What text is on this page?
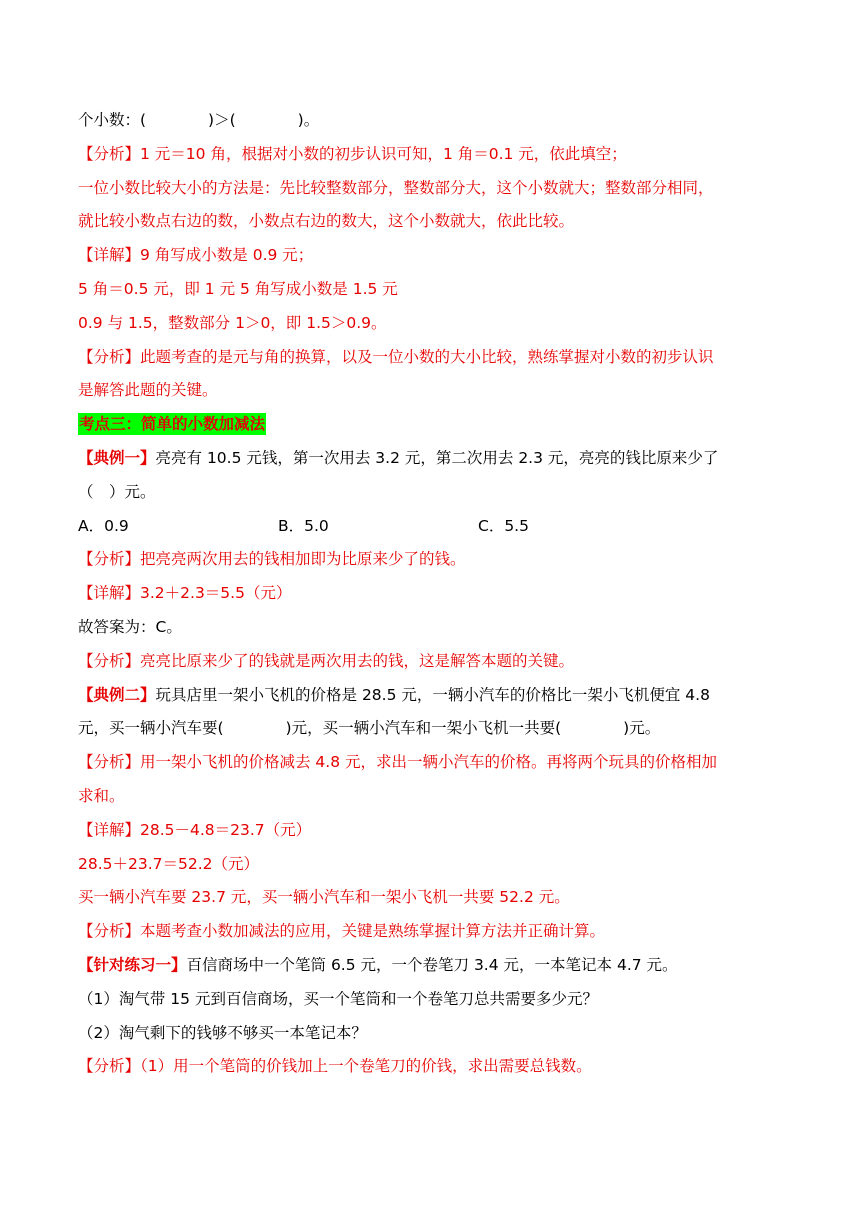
个小数：(　　　　)＞(　　　　)。
【分析】1 元＝10 角，根据对小数的初步认识可知，1 角＝0.1 元，依此填空；
一位小数比较大小的方法是：先比较整数部分，整数部分大，这个小数就大；整数部分相同，
就比较小数点右边的数，小数点右边的数大，这个小数就大，依此比较。
【详解】9 角写成小数是 0.9 元；
5 角＝0.5 元，即 1 元 5 角写成小数是 1.5 元
0.9 与 1.5，整数部分 1＞0，即 1.5＞0.9。
【分析】此题考查的是元与角的换算，以及一位小数的大小比较，熟练掌握对小数的初步认识
是解答此题的关键。
考点三：简单的小数加减法
【典例一】亮亮有 10.5 元钱，第一次用去 3.2 元，第二次用去 2.3 元，亮亮的钱比原来少了
（　）元。
A．0.9	B．5.0	C．5.5
【分析】把亮亮两次用去的钱相加即为比原来少了的钱。
【详解】3.2＋2.3＝5.5（元）
故答案为：C。
【分析】亮亮比原来少了的钱就是两次用去的钱，这是解答本题的关键。
【典例二】玩具店里一架小飞机的价格是 28.5 元，一辆小汽车的价格比一架小飞机便宜 4.8
元，买一辆小汽车要(　　　　)元，买一辆小汽车和一架小飞机一共要(　　　　)元。
【分析】用一架小飞机的价格减去 4.8 元，求出一辆小汽车的价格。再将两个玩具的价格相加
求和。
【详解】28.5－4.8＝23.7（元）
28.5＋23.7＝52.2（元）
买一辆小汽车要 23.7 元，买一辆小汽车和一架小飞机一共要 52.2 元。
【分析】本题考查小数加减法的应用，关键是熟练掌握计算方法并正确计算。
【针对练习一】百信商场中一个笔筒 6.5 元，一个卷笔刀 3.4 元，一本笔记本 4.7 元。
（1）淘气带 15 元到百信商场，买一个笔筒和一个卷笔刀总共需要多少元？
（2）淘气剩下的钱够不够买一本笔记本？
【分析】（1）用一个笔筒的价钱加上一个卷笔刀的价钱，求出需要总钱数。
